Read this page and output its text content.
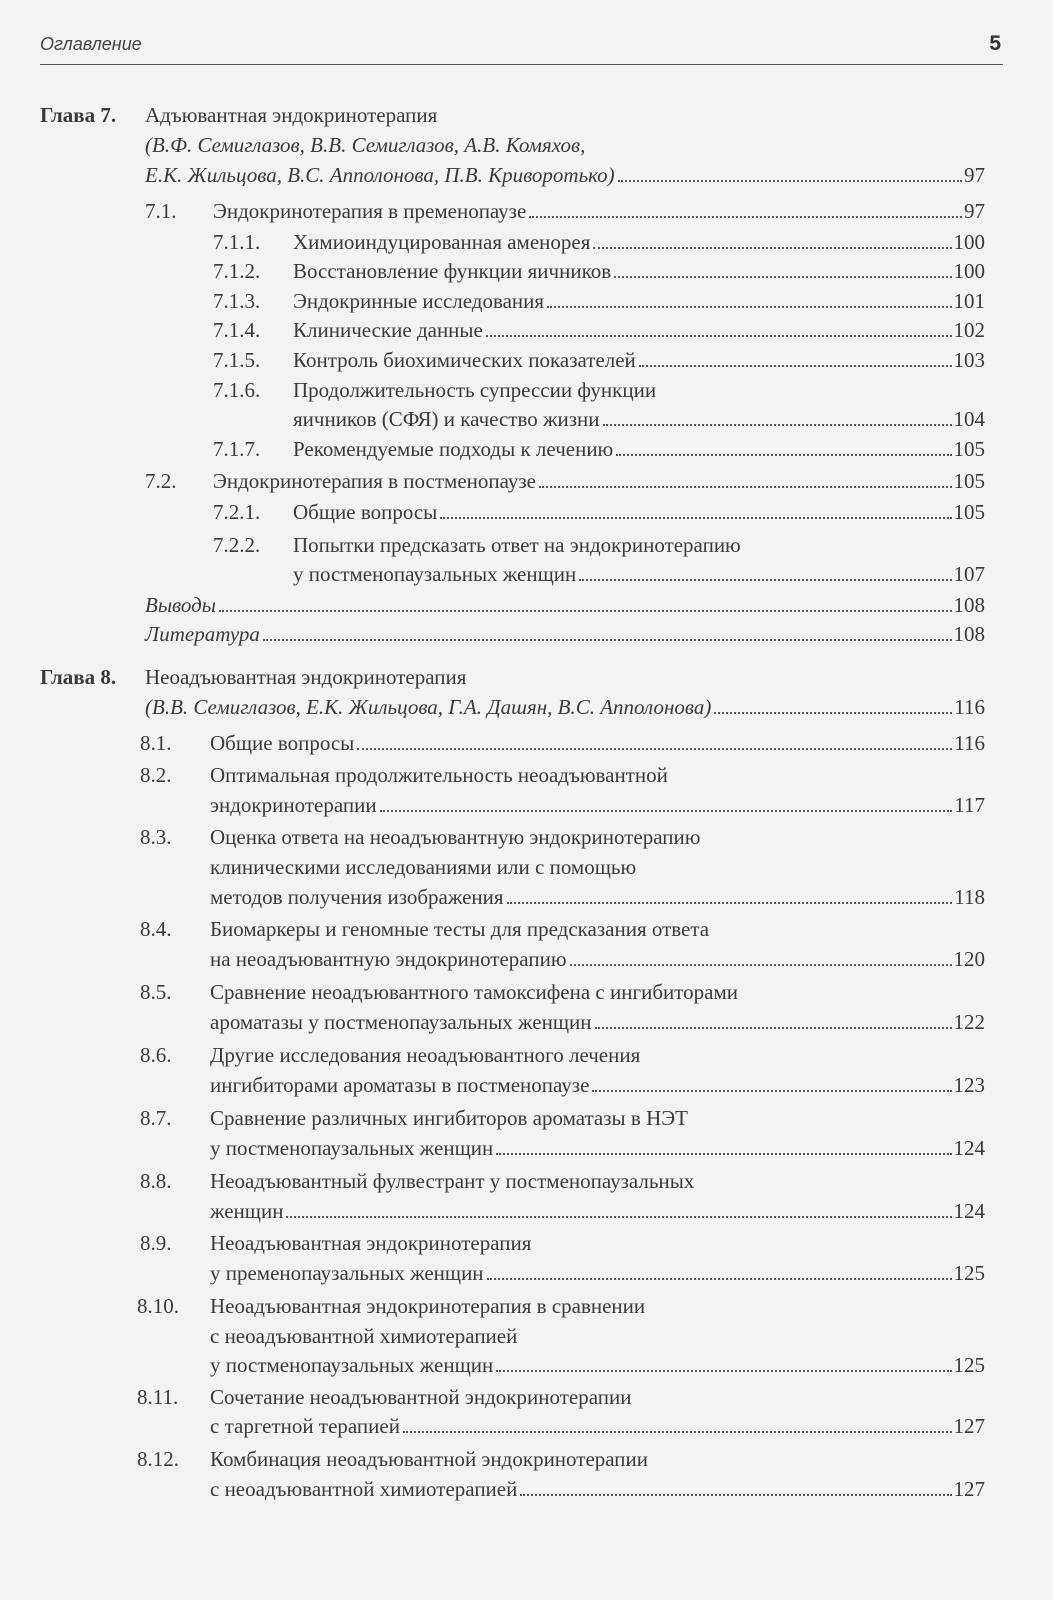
Оглавление	5
Глава 7. Адъювантная эндокринотерапия
(В.Ф. Семиглазов, В.В. Семиглазов, А.В. Комяхов,
Е.К. Жильцова, В.С. Апполонова, П.В. Криворотько)	97
7.1. Эндокринотерапия в пременопаузе	97
7.1.1. Химиоиндуцированная аменорея	100
7.1.2. Восстановление функции яичников	100
7.1.3. Эндокринные исследования	101
7.1.4. Клинические данные	102
7.1.5. Контроль биохимических показателей	103
7.1.6. Продолжительность супрессии функции
яичников (СФЯ) и качество жизни	104
7.1.7. Рекомендуемые подходы к лечению	105
7.2. Эндокринотерапия в постменопаузе	105
7.2.1. Общие вопросы	105
7.2.2. Попытки предсказать ответ на эндокринотерапию
у постменопаузальных женщин	107
Выводы	108
Литература	108
Глава 8. Неоадъювантная эндокринотерапия
(В.В. Семиглазов, Е.К. Жильцова, Г.А. Дашян, В.С. Апполонова)	116
8.1. Общие вопросы	116
8.2. Оптимальная продолжительность неоадъювантной
эндокринотерапии	117
8.3. Оценка ответа на неоадъювантную эндокринотерапию
клиническими исследованиями или с помощью
методов получения изображения	118
8.4. Биомаркеры и геномные тесты для предсказания ответа
на неоадъювантную эндокринотерапию	120
8.5. Сравнение неоадъювантного тамоксифена с ингибиторами
ароматазы у постменопаузальных женщин	122
8.6. Другие исследования неоадъювантного лечения
ингибиторами ароматазы в постменопаузе	123
8.7. Сравнение различных ингибиторов ароматазы в НЭТ
у постменопаузальных женщин	124
8.8. Неоадъювантный фулвестрант у постменопаузальных
женщин	124
8.9. Неоадъювантная эндокринотерапия
у пременопаузальных женщин	125
8.10. Неоадъювантная эндокринотерапия в сравнении
с неоадъювантной химиотерапией
у постменопаузальных женщин	125
8.11. Сочетание неоадъювантной эндокринотерапии
с таргетной терапией	127
8.12. Комбинация неоадъювантной эндокринотерапии
с неоадъювантной химиотерапией	127
